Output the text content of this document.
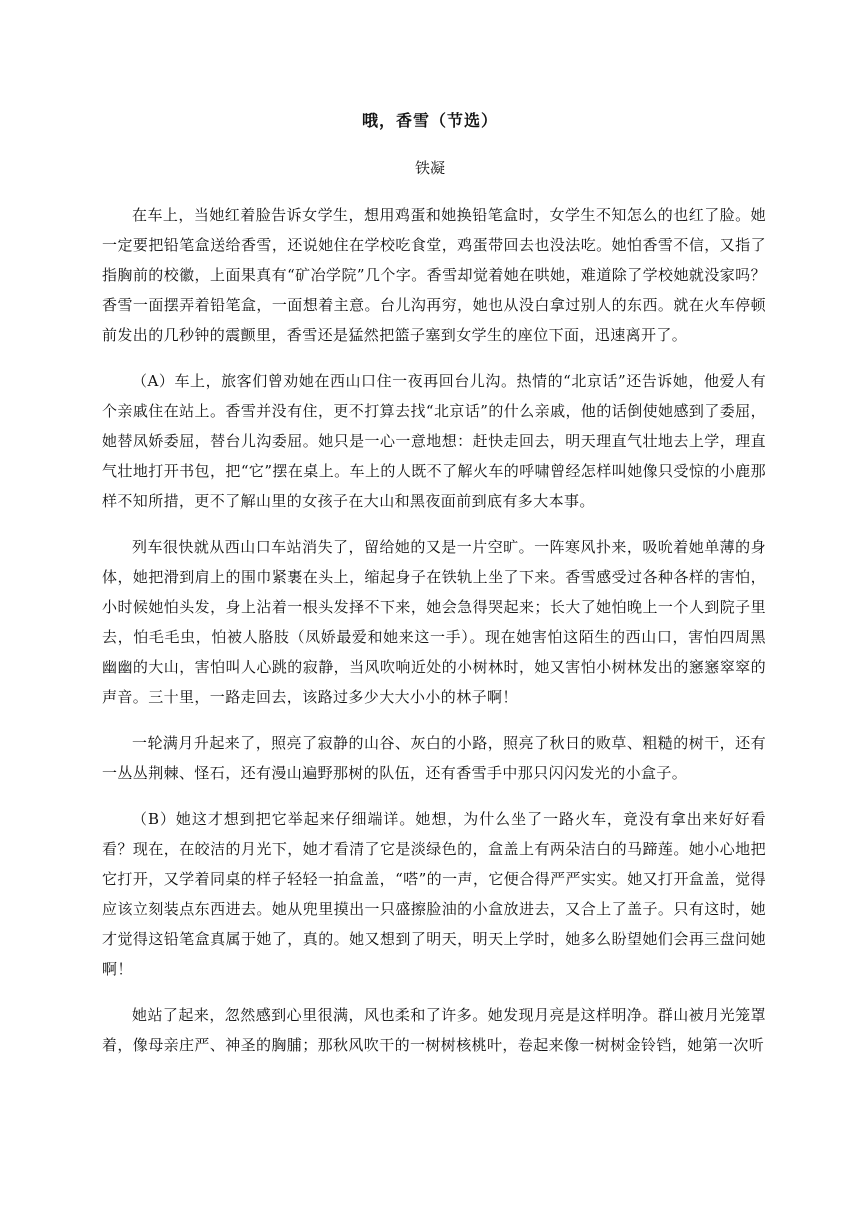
哦，香雪（节选）
铁凝

在车上，当她红着脸告诉女学生，想用鸡蛋和她换铅笔盒时，女学生不知怎么的也红了脸。她一定要把铅笔盒送给香雪，还说她住在学校吃食堂，鸡蛋带回去也没法吃。她怕香雪不信，又指了指胸前的校徽，上面果真有“矿冶学院”几个字。香雪却觉着她在哄她，难道除了学校她就没家吗？香雪一面摆弄着铅笔盒，一面想着主意。台儿沟再穷，她也从没白拿过别人的东西。就在火车停顿前发出的几秒钟的震颤里，香雪还是猛然把篮子塞到女学生的座位下面，迅速离开了。

（A）车上，旅客们曾劝她在西山口住一夜再回台儿沟。热情的“北京话”还告诉她，他爱人有个亲戚住在站上。香雪并没有住，更不打算去找“北京话”的什么亲戚，他的话倒使她感到了委屈，她替凤娇委屈，替台儿沟委屈。她只是一心一意地想：赶快走回去，明天理直气壮地去上学，理直气壮地打开书包，把“它”摆在桌上。车上的人既不了解火车的呼啸曾经怎样叫她像只受惊的小鹿那样不知所措，更不了解山里的女孩子在大山和黑夜面前到底有多大本事。

列车很快就从西山口车站消失了，留给她的又是一片空旷。一阵寒风扑来，吸吮着她单薄的身体，她把滑到肩上的围巾紧裹在头上，缩起身子在铁轨上坐了下来。香雪感受过各种各样的害怕，小时候她怕头发，身上沾着一根头发择不下来，她会急得哭起来；长大了她怕晚上一个人到院子里去，怕毛毛虫，怕被人胳肢（凤娇最爱和她来这一手）。现在她害怕这陌生的西山口，害怕四周黑幽幽的大山，害怕叫人心跳的寂静，当风吹响近处的小树林时，她又害怕小树林发出的窸窸窣窣的声音。三十里，一路走回去，该路过多少大大小小的林子啊！

一轮满月升起来了，照亮了寂静的山谷、灰白的小路，照亮了秋日的败草、粗糙的树干，还有一丛丛荆棘、怪石，还有漫山遍野那树的队伍，还有香雪手中那只闪闪发光的小盒子。

（B）她这才想到把它举起来仔细端详。她想，为什么坐了一路火车，竟没有拿出来好好看看？现在，在皎洁的月光下，她才看清了它是淡绿色的，盒盖上有两朵洁白的马蹄莲。她小心地把它打开，又学着同桌的样子轻轻一拍盒盖，“嗒”的一声，它便合得严严实实。她又打开盒盖，觉得应该立刻装点东西进去。她从兜里摸出一只盛擦脸油的小盒放进去，又合上了盖子。只有这时，她才觉得这铅笔盒真属于她了，真的。她又想到了明天，明天上学时，她多么盼望她们会再三盘问她啊！

她站了起来，忽然感到心里很满，风也柔和了许多。她发现月亮是这样明净。群山被月光笼罩着，像母亲庄严、神圣的胸脯；那秋风吹干的一树树核桃叶，卷起来像一树树金铃铛，她第一次听
